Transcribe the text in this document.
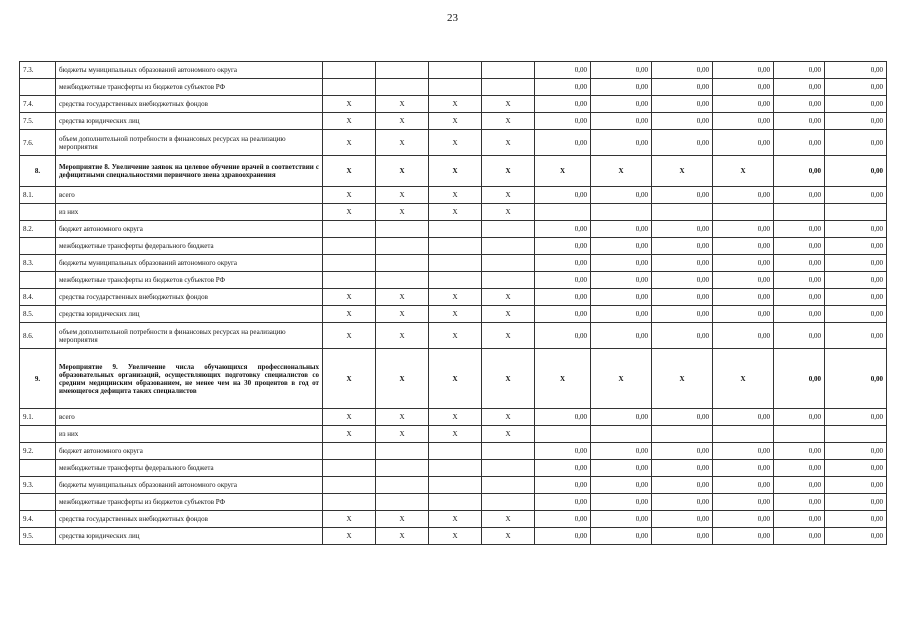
23
7.3.	бюджеты муниципальных образований автономного округа					0,00	0,00	0,00	0,00	0,00	0,00
	межбюджетные трансферты из бюджетов субъектов РФ					0,00	0,00	0,00	0,00	0,00	0,00
7.4.	средства государственных внебюджетных фондов	X	X	X	X	0,00	0,00	0,00	0,00	0,00	0,00
7.5.	средства юридических лиц	X	X	X	X	0,00	0,00	0,00	0,00	0,00	0,00
7.6.	объем дополнительной потребности в финансовых ресурсах на реализацию мероприятия	X	X	X	X	0,00	0,00	0,00	0,00	0,00	0,00
8.	Мероприятие 8. Увеличение заявок на целевое обучение врачей в соответствии с дефицитными специальностями первичного звена здравоохранения	X	X	X	X	X	X	X	X	0,00	0,00
8.1.	всего	X	X	X	X	0,00	0,00	0,00	0,00	0,00	0,00
	из них	X	X	X	X						
8.2.	бюджет автономного округа					0,00	0,00	0,00	0,00	0,00	0,00
	межбюджетные трансферты федерального бюджета					0,00	0,00	0,00	0,00	0,00	0,00
8.3.	бюджеты муниципальных образований автономного округа					0,00	0,00	0,00	0,00	0,00	0,00
	межбюджетные трансферты из бюджетов субъектов РФ					0,00	0,00	0,00	0,00	0,00	0,00
8.4.	средства государственных внебюджетных фондов	X	X	X	X	0,00	0,00	0,00	0,00	0,00	0,00
8.5.	средства юридических лиц	X	X	X	X	0,00	0,00	0,00	0,00	0,00	0,00
8.6.	объем дополнительной потребности в финансовых ресурсах на реализацию мероприятия	X	X	X	X	0,00	0,00	0,00	0,00	0,00	0,00
9.	Мероприятие 9. Увеличение числа обучающихся профессиональных образовательных организаций, осуществляющих подготовку специалистов со средним медицинским образованием, не менее чем на 30 процентов в год от имеющегося дефицита таких специалистов	X	X	X	X	X	X	X	X	0,00	0,00
9.1.	всего	X	X	X	X	0,00	0,00	0,00	0,00	0,00	0,00
	из них	X	X	X	X						
9.2.	бюджет автономного округа					0,00	0,00	0,00	0,00	0,00	0,00
	межбюджетные трансферты федерального бюджета					0,00	0,00	0,00	0,00	0,00	0,00
9.3.	бюджеты муниципальных образований автономного округа					0,00	0,00	0,00	0,00	0,00	0,00
	межбюджетные трансферты из бюджетов субъектов РФ					0,00	0,00	0,00	0,00	0,00	0,00
9.4.	средства государственных внебюджетных фондов	X	X	X	X	0,00	0,00	0,00	0,00	0,00	0,00
9.5.	средства юридических лиц	X	X	X	X	0,00	0,00	0,00	0,00	0,00	0,00
